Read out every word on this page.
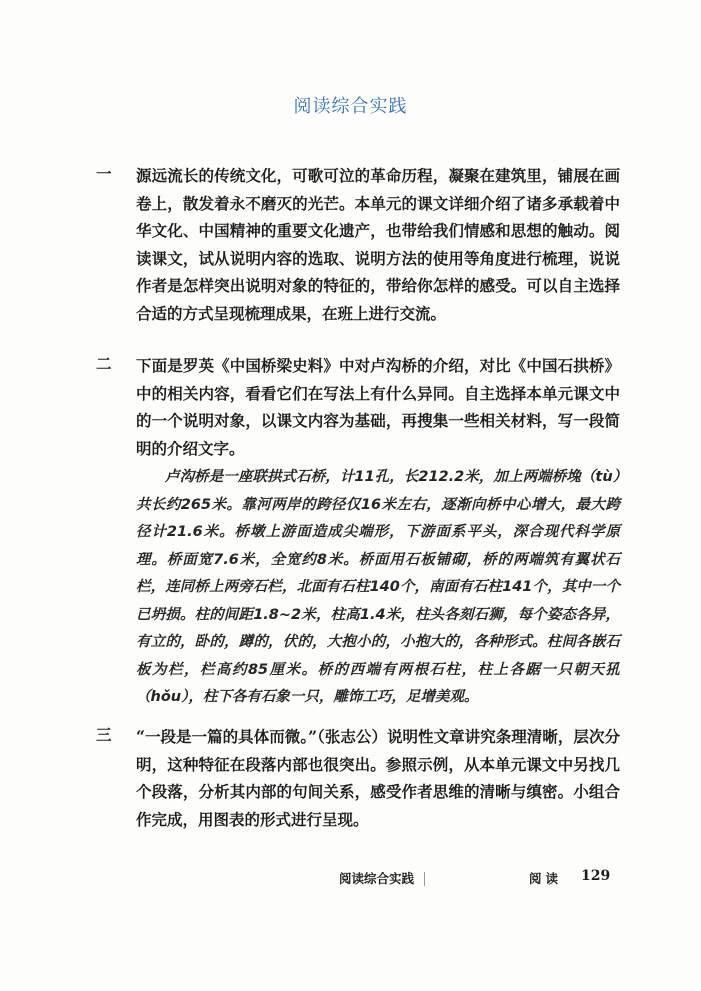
阅读综合实践
一 源远流长的传统文化，可歌可泣的革命历程，凝聚在建筑里，铺展在画卷上，散发着永不磨灭的光芒。本单元的课文详细介绍了诸多承载着中华文化、中国精神的重要文化遗产，也带给我们情感和思想的触动。阅读课文，试从说明内容的选取、说明方法的使用等角度进行梳理，说说作者是怎样突出说明对象的特征的，带给你怎样的感受。可以自主选择合适的方式呈现梳理成果，在班上进行交流。
二 下面是罗英《中国桥梁史料》中对卢沟桥的介绍，对比《中国石拱桥》中的相关内容，看看它们在写法上有什么异同。自主选择本单元课文中的一个说明对象，以课文内容为基础，再搜集一些相关材料，写一段简明的介绍文字。
卢沟桥是一座联拱式石桥，计11孔，长212.2米，加上两端桥堍（tù）共长约265米。靠河两岸的跨径仅16米左右，逐渐向桥中心增大，最大跨径计21.6米。桥墩上游面造成尖端形，下游面系平头，深合现代科学原理。桥面宽7.6米，全宽约8米。桥面用石板铺砌，桥的两端筑有翼状石栏，连同桥上两旁石栏，北面有石柱140个，南面有石柱141个，其中一个已坍损。柱的间距1.8~2米，柱高1.4米，柱头各刻石狮，每个姿态各异，有立的，卧的，蹲的，伏的，大抱小的，小抱大的，各种形式。柱间各嵌石板为栏，栏高约85厘米。桥的西端有两根石柱，柱上各踞一只朝天犼（hǒu），柱下各有石象一只，雕饰工巧，足增美观。
三 “一段是一篇的具体而微。”（张志公）说明性文章讲究条理清晰，层次分明，这种特征在段落内部也很突出。参照示例，从本单元课文中另找几个段落，分析其内部的句间关系，感受作者思维的清晰与缜密。小组合作完成，用图表的形式进行呈现。
阅读综合实践	阅读 129
